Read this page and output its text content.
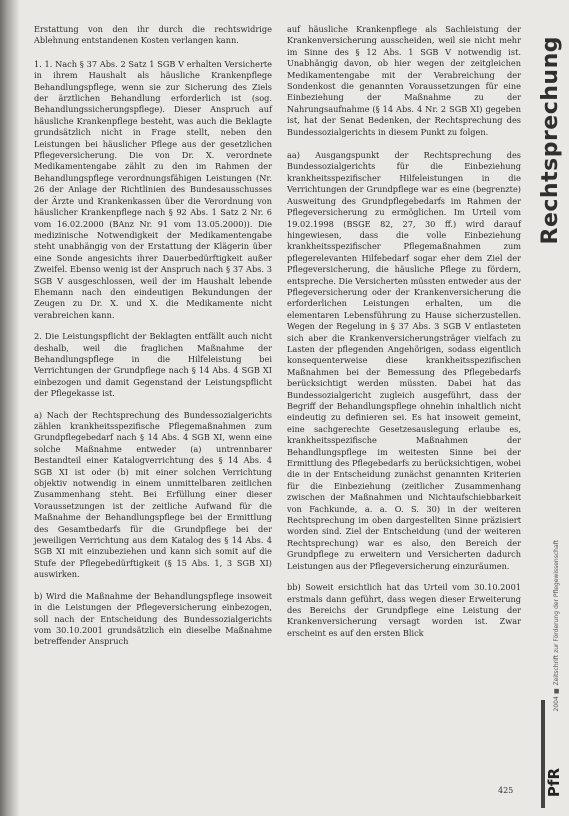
Erstattung von den ihr durch die rechtswidrige Ablehnung entstandenen Kosten verlangen kann.

1. 1. Nach § 37 Abs. 2 Satz 1 SGB V erhalten Versicherte in ihrem Haushalt als häusliche Krankenpflege Behandlungspflege, wenn sie zur Sicherung des Ziels der ärztlichen Behandlung erforderlich ist (sog. Behandlungssicherungspflege). Dieser Anspruch auf häusliche Krankenpflege besteht, was auch die Beklagte grundsätzlich nicht in Frage stellt, neben den Leistungen bei häuslicher Pflege aus der gesetzlichen Pflegeversicherung. Die von Dr. X. verordnete Medikamentengabe zählt zu den im Rahmen der Behandlungspflege verordnungsfähigen Leistungen (Nr. 26 der Anlage der Richtlinien des Bundesausschusses der Ärzte und Krankenkassen über die Verordnung von häuslicher Krankenpflege nach § 92 Abs. 1 Satz 2 Nr. 6 vom 16.02.2000 (BAnz Nr. 91 vom 13.05.2000)). Die medizinische Notwendigkeit der Medikamentengabe steht unabhängig von der Erstattung der Klägerin über eine Sonde angesichts ihrer Dauerbedürftigkeit außer Zweifel. Ebenso wenig ist der Anspruch nach § 37 Abs. 3 SGB V ausgeschlossen, weil der im Haushalt lebende Ehemann nach den eindeutigen Bekundungen der Zeugen zu Dr. X. und X. die Medikamente nicht verabreichen kann.

2. Die Leistungspflicht der Beklagten entfällt auch nicht deshalb, weil die fraglichen Maßnahme der Behandlungspflege in die Hilfeleistung bei Verrichtungen der Grundpflege nach § 14 Abs. 4 SGB XI einbezogen und damit Gegenstand der Leistungspflicht der Pflegekasse ist.

a) Nach der Rechtsprechung des Bundessozialgerichts zählen krankheitsspezifische Pflegemaßnahmen zum Grundpflegebedarf nach § 14 Abs. 4 SGB XI, wenn eine solche Maßnahme entweder (a) untrennbarer Bestandteil einer Katalogverrichtung des § 14 Abs. 4 SGB XI ist oder (b) mit einer solchen Verrichtung objektiv notwendig in einem unmittelbaren zeitlichen Zusammenhang steht. Bei Erfüllung einer dieser Voraussetzungen ist der zeitliche Aufwand für die Maßnahme der Behandlungspflege bei der Ermittlung des Gesamtbedarfs für die Grundpflege bei der jeweiligen Verrichtung aus dem Katalog des § 14 Abs. 4 SGB XI mit einzubeziehen und kann sich somit auf die Stufe der Pflegebedürftigkeit (§ 15 Abs. 1, 3 SGB XI) auswirken.

b) Wird die Maßnahme der Behandlungspflege insoweit in die Leistungen der Pflegeversicherung einbezogen, soll nach der Entscheidung des Bundessozialgerichts vom 30.10.2001 grundsätzlich ein dieselbe Maßnahme betreffender Anspruch

auf häusliche Krankenpflege als Sachleistung der Krankenversicherung ausscheiden, weil sie nicht mehr im Sinne des § 12 Abs. 1 SGB V notwendig ist. Unabhängig davon, ob hier wegen der zeitgleichen Medikamentengabe mit der Verabreichung der Sondenkost die genannten Voraussetzungen für eine Einbeziehung der Maßnahme zu der Nahrungsaufnahme (§ 14 Abs. 4 Nr. 2 SGB XI) gegeben ist, hat der Senat Bedenken, der Rechtsprechung des Bundessozialgerichts in diesem Punkt zu folgen.

aa) Ausgangspunkt der Rechtsprechung des Bundessozialgerichts für die Einbeziehung krankheitsspezifischer Hilfeleistungen in die Verrichtungen der Grundpflege war es eine (begrenzte) Ausweitung des Grundpflegebedarfs im Rahmen der Pflegeversicherung zu ermöglichen. Im Urteil vom 19.02.1998 (BSGE 82, 27, 30 ff.) wird darauf hingewiesen, dass die volle Einbeziehung krankheitsspezifischer Pflegemaßnahmen zum pflegerelevanten Hilfebedarf sogar eher dem Ziel der Pflegeversicherung, die häusliche Pflege zu fördern, entspreche. Die Versicherten müssten entweder aus der Pflegeversicherung oder der Krankenversicherung die erforderlichen Leistungen erhalten, um die elementaren Lebensführung zu Hause sicherzustellen. Wegen der Regelung in § 37 Abs. 3 SGB V entlasteten sich aber die Krankenversicherungsträger vielfach zu Lasten der pflegenden Angehörigen, sodass eigentlich konsequenterweise diese krankheitsspezifischen Maßnahmen bei der Bemessung des Pflegebedarfs berücksichtigt werden müssten. Dabei hat das Bundessozialgericht zugleich ausgeführt, dass der Begriff der Behandlungspflege ohnehin inhaltlich nicht eindeutig zu definieren sei. Es hat insoweit gemeint, eine sachgerechte Gesetzesauslegung erlaube es, krankheitsspezifische Maßnahmen der Behandlungspflege im weitesten Sinne bei der Ermittlung des Pflegebedarfs zu berücksichtigen, wobei die in der Entscheidung zunächst genannten Kriterien für die Einbeziehung (zeitlicher Zusammenhang zwischen der Maßnahmen und Nichtaufschiebbarkeit von Fachkunde, a. a. O. S. 30) in der weiteren Rechtsprechung im oben dargestellten Sinne präzisiert worden sind. Ziel der Entscheidung (und der weiteren Rechtsprechung) war es also, den Bereich der Grundpflege zu erweitern und Versicherten dadurch Leistungen aus der Pflegeversicherung einzuräumen.

bb) Soweit ersichtlich hat das Urteil vom 30.10.2001 erstmals dann geführt, dass wegen dieser Erweiterung des Bereichs der Grundpflege eine Leistung der Krankenversicherung versagt worden ist. Zwar erscheint es auf den ersten Blick

Rechtsprechung
2004 ■ Zeitschrift zur Förderung der Pflegewissenschaft
PfR
425
